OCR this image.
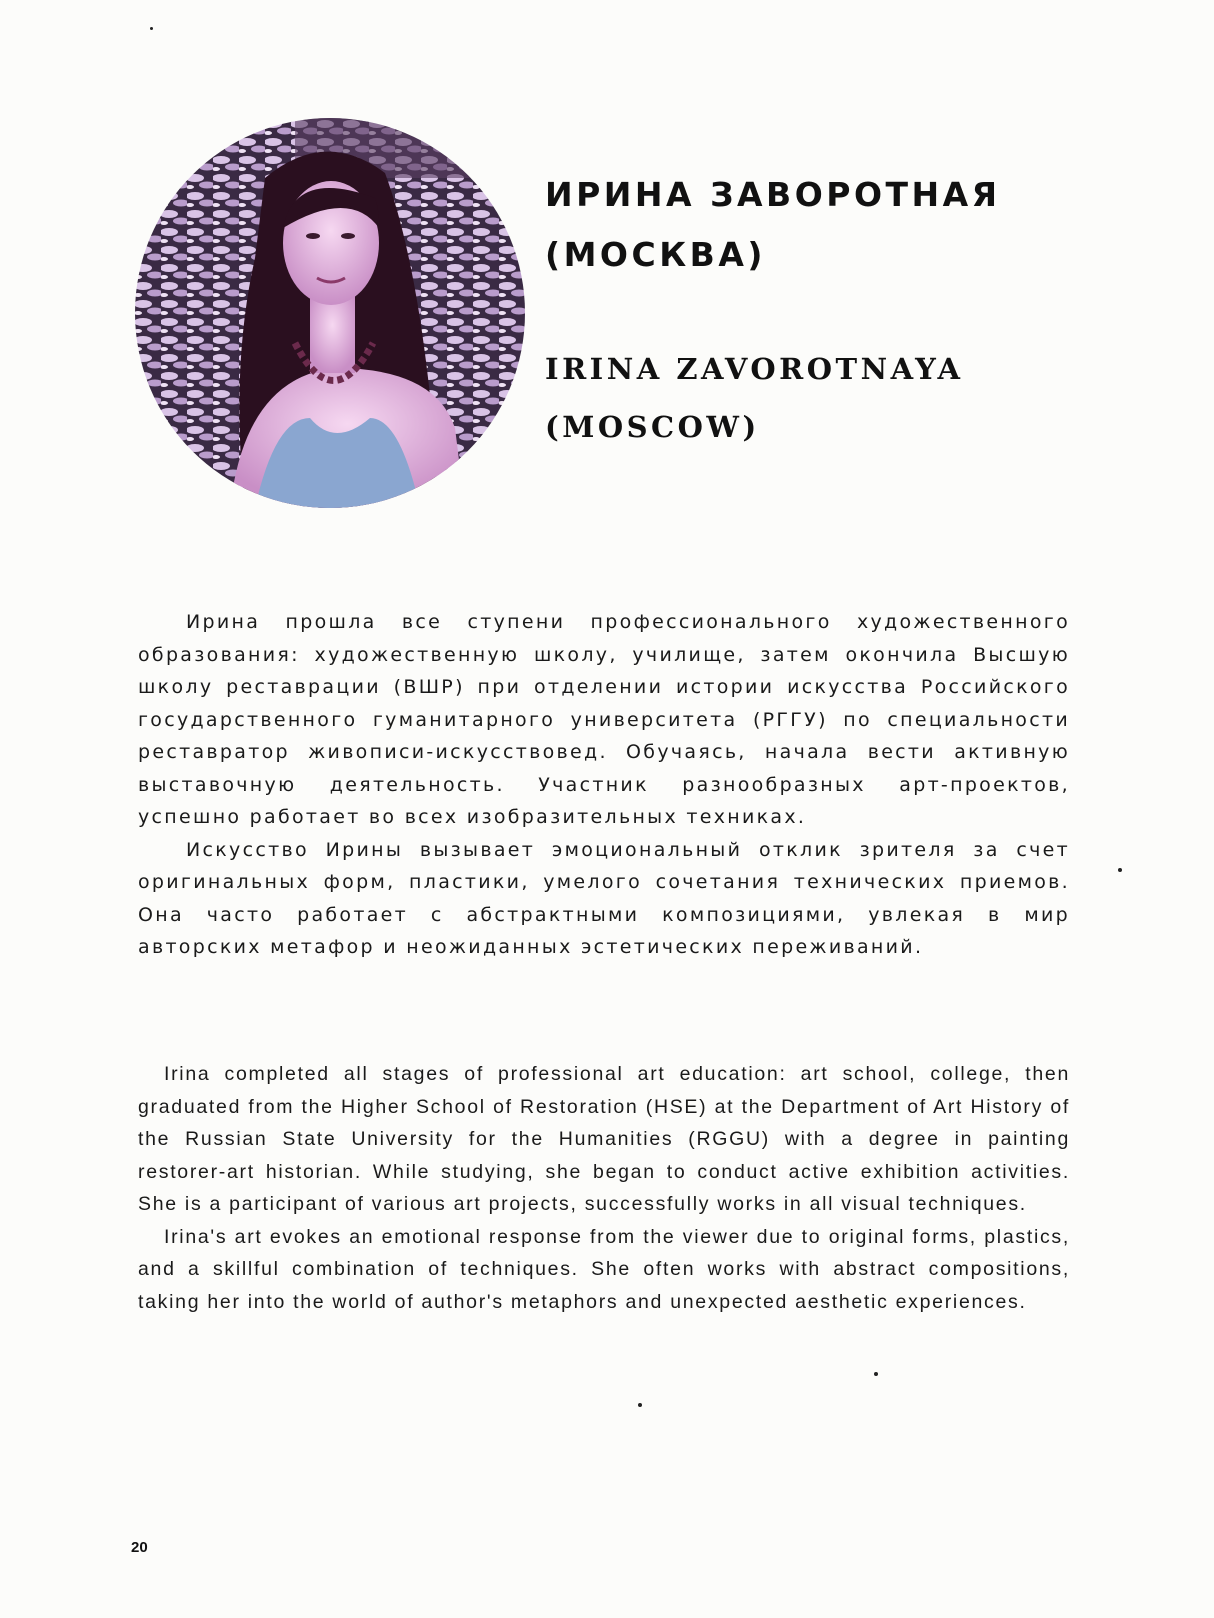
ИРИНА ЗАВОРОТНАЯ
(МОСКВА)
IRINA ZAVOROTNAYA
(MOSCOW)

Ирина прошла все ступени профессионального художественного образования: художественную школу, училище, затем окончила Высшую школу реставрации (ВШР) при отделении истории искусства Российского государственного гуманитарного университета (РГГУ) по специальности реставратор живописи-искусствовед. Обучаясь, начала вести активную выставочную деятельность. Участник разнообразных арт-проектов, успешно работает во всех изобразительных техниках.

Искусство Ирины вызывает эмоциональный отклик зрителя за счет оригинальных форм, пластики, умелого сочетания технических приемов. Она часто работает с абстрактными композициями, увлекая в мир авторских метафор и неожиданных эстетических переживаний.

Irina completed all stages of professional art education: art school, college, then graduated from the Higher School of Restoration (HSE) at the Department of Art History of the Russian State University for the Humanities (RGGU) with a degree in painting restorer-art historian. While studying, she began to conduct active exhibition activities. She is a participant of various art projects, successfully works in all visual techniques.

Irina's art evokes an emotional response from the viewer due to original forms, plastics, and a skillful combination of techniques. She often works with abstract compositions, taking her into the world of author's metaphors and unexpected aesthetic experiences.

20
